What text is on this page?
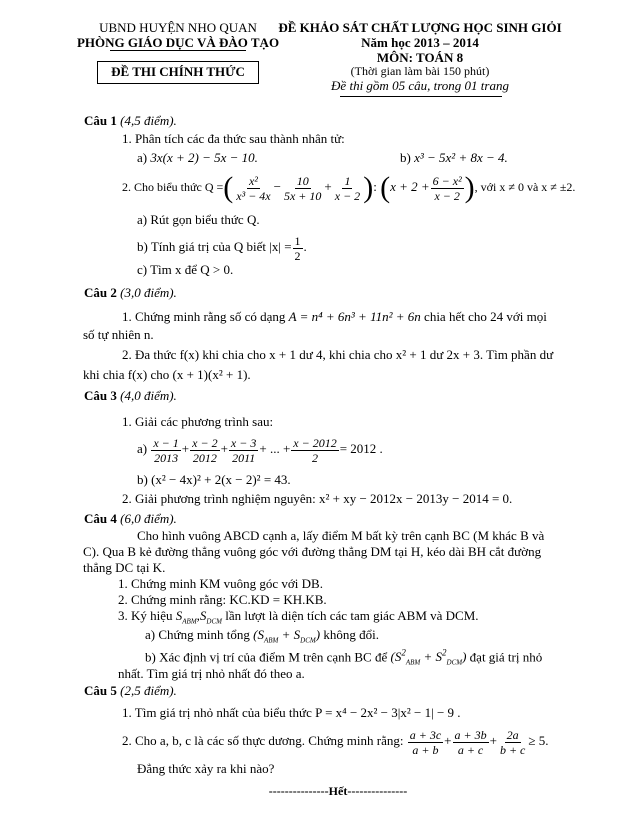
UBND HUYỆN NHO QUAN
PHÒNG GIÁO DỤC VÀ ĐÀO TẠO
ĐỀ THI CHÍNH THỨC
ĐỀ KHẢO SÁT CHẤT LƯỢNG HỌC SINH GIỎI
Năm học 2013 – 2014
MÔN: TOÁN 8
(Thời gian làm bài 150 phút)
Đề thi gồm 05 câu, trong 01 trang
Câu 1 (4,5 điểm).
1. Phân tích các đa thức sau thành nhân tử:
a) 3x(x + 2) − 5x − 10.	b) x³ − 5x² + 8x − 4.
2. Cho biểu thức Q =( $\frac{\text{x²}}{\text{x³ − 4x}} - \frac{10}{5x + 10} + \frac{1}{x - 2}$ ): ($x + 2 + \frac{\text{6 − x²}}{x - 2}$ ), với x ≠ 0 và x ≠ ±2.
a) Rút gọn biểu thức Q.
b) Tính giá trị của Q biết $|x| = \frac{1}{2}$ .
c) Tìm x để Q > 0.
Câu 2 (3,0 điểm).
1. Chứng minh rằng số có dạng A = n⁴ + 6n³ + 11n² + 6n chia hết cho 24 với mọi
số tự nhiên n.
2. Đa thức f(x) khi chia cho x + 1 dư 4, khi chia cho x² + 1 dư 2x + 3. Tìm phần dư
khi chia f(x) cho (x + 1)(x² + 1).
Câu 3 (4,0 điểm).
1. Giải các phương trình sau:
$a) \frac{x - 1}{2013} + \frac{x - 2}{2012} + \frac{x - 3}{2011}$ + ... + $\frac{x - 2012}{2} = 2012$ .
b) (x² − 4x)² + 2(x − 2)² = 43.
2. Giải phương trình nghiệm nguyên: x² + xy − 2012x − 2013y − 2014 = 0.
Câu 4 (6,0 điểm).
Cho hình vuông ABCD cạnh a, lấy điểm M bất kỳ trên cạnh BC (M khác B và
C). Qua B kẻ đường thẳng vuông góc với đường thẳng DM tại H, kéo dài BH cắt đường
thẳng DC tại K.
1. Chứng minh KM vuông góc với DB.
2. Chứng minh rằng: KC.KD = KH.KB.
3. Ký hiệu $S_{ABM},S_{DCM}$ lần lượt là diện tích các tam giác ABM và DCM.
a) Chứng minh tổng $(S_{ABM} + S_{DCM})$ không đổi.
b) Xác định vị trí của điểm M trên cạnh BC để $(S^2_{ABM} + S^2_{DCM})$ đạt giá trị nhỏ
nhất. Tìm giá trị nhỏ nhất đó theo a.
Câu 5 (2,5 điểm).
1. Tìm giá trị nhỏ nhất của biểu thức P = x⁴ − 2x² − 3|x² − 1| − 9 .
2. Cho a, b, c là các số thực dương. Chứng minh rằng: $\frac{a + 3c}{a + b} + \frac{a + 3b}{a + c} + \frac{2a}{b + c} \ge 5$.
Đẳng thức xảy ra khi nào?
---------------Hết---------------
